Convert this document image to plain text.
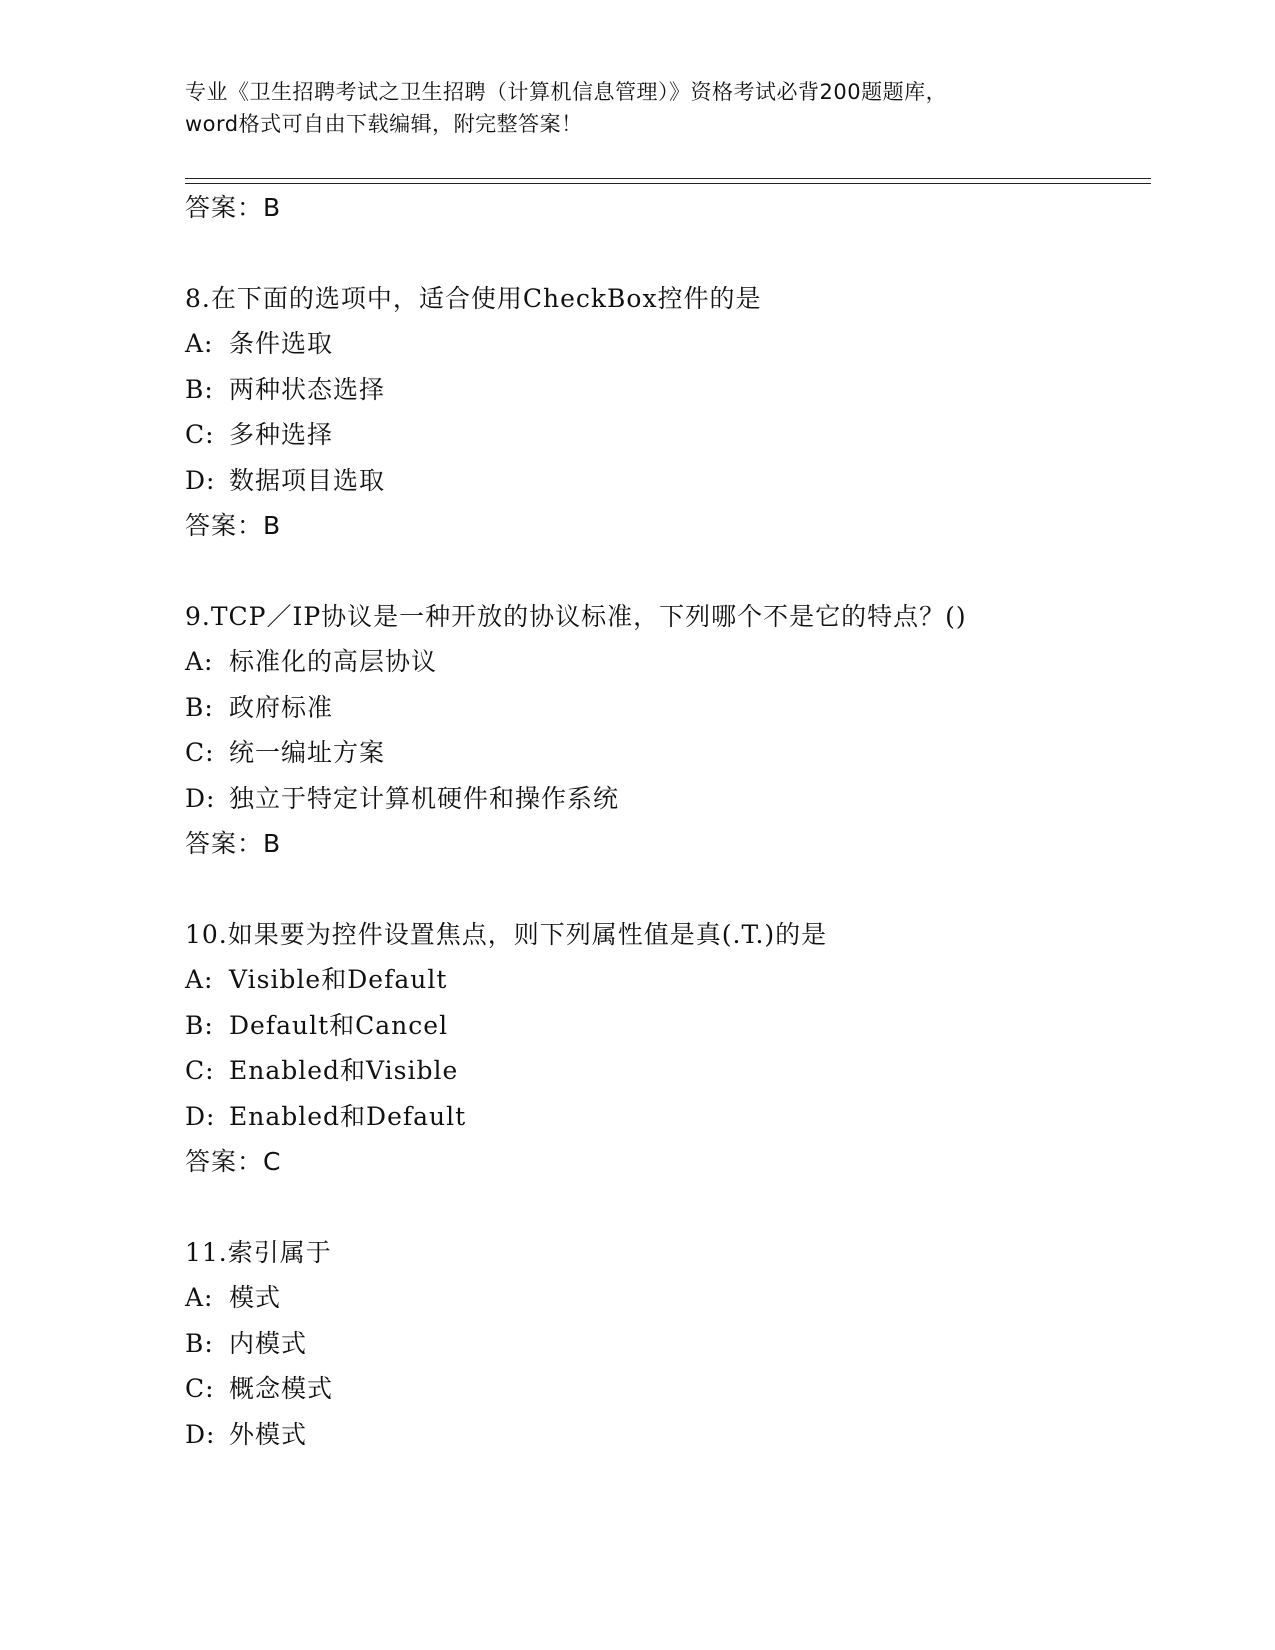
专业《卫生招聘考试之卫生招聘（计算机信息管理）》资格考试必背200题题库，
word格式可自由下载编辑，附完整答案！
答案：B
8.在下面的选项中，适合使用CheckBox控件的是
A: 条件选取
B: 两种状态选择
C: 多种选择
D: 数据项目选取
答案：B
9.TCP／IP协议是一种开放的协议标准，下列哪个不是它的特点？()
A: 标准化的高层协议
B: 政府标准
C: 统一编址方案
D: 独立于特定计算机硬件和操作系统
答案：B
10.如果要为控件设置焦点，则下列属性值是真(.T.)的是
A: Visible和Default
B: Default和Cancel
C: Enabled和Visible
D: Enabled和Default
答案：C
11.索引属于
A: 模式
B: 内模式
C: 概念模式
D: 外模式
